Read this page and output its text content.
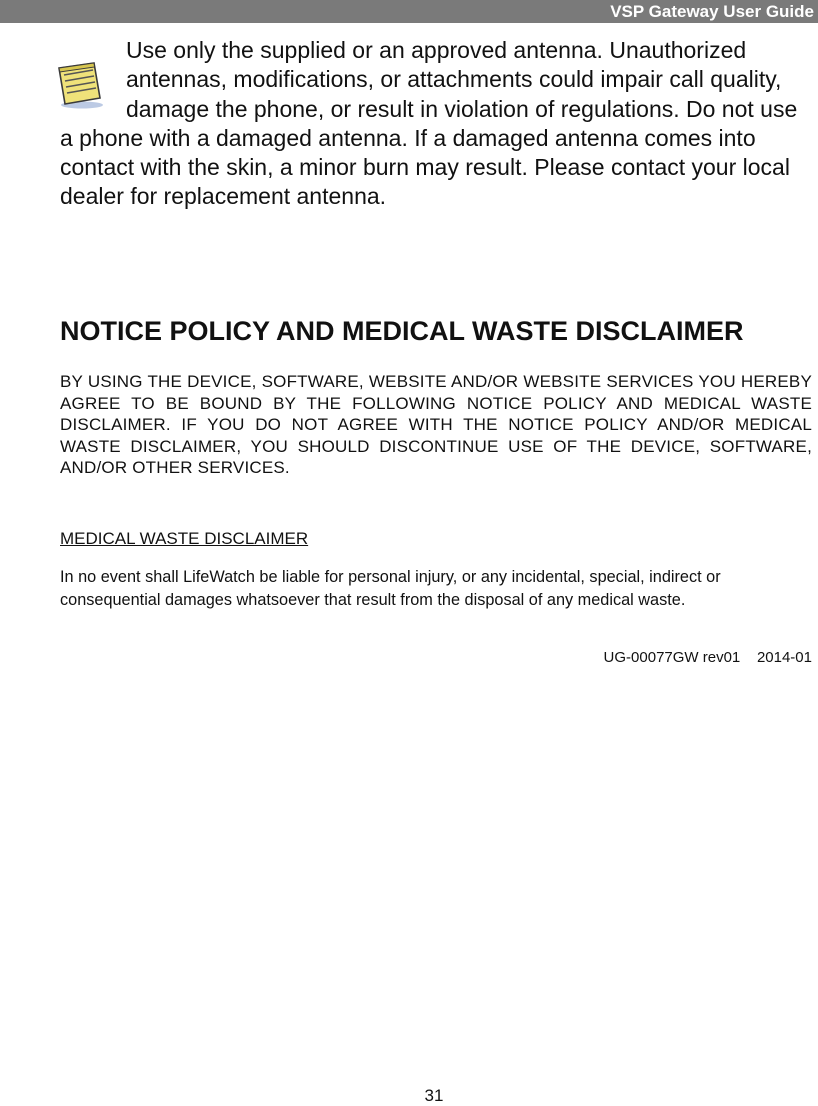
VSP Gateway User Guide

Use only the supplied or an approved antenna. Unauthorized antennas, modifications, or attachments could impair call quality, damage the phone, or result in violation of regulations. Do not use a phone with a damaged antenna. If a damaged antenna comes into contact with the skin, a minor burn may result. Please contact your local dealer for replacement antenna.

NOTICE POLICY AND MEDICAL WASTE DISCLAIMER

BY USING THE DEVICE, SOFTWARE, WEBSITE AND/OR WEBSITE SERVICES YOU HEREBY AGREE TO BE BOUND BY THE FOLLOWING NOTICE POLICY AND MEDICAL WASTE DISCLAIMER. IF YOU DO NOT AGREE WITH THE NOTICE POLICY AND/OR MEDICAL WASTE DISCLAIMER, YOU SHOULD DISCONTINUE USE OF THE DEVICE, SOFTWARE, AND/OR OTHER SERVICES.

MEDICAL WASTE DISCLAIMER

In no event shall LifeWatch be liable for personal injury, or any incidental, special, indirect or consequential damages whatsoever that result from the disposal of any medical waste.

UG-00077GW rev01    2014-01
31
